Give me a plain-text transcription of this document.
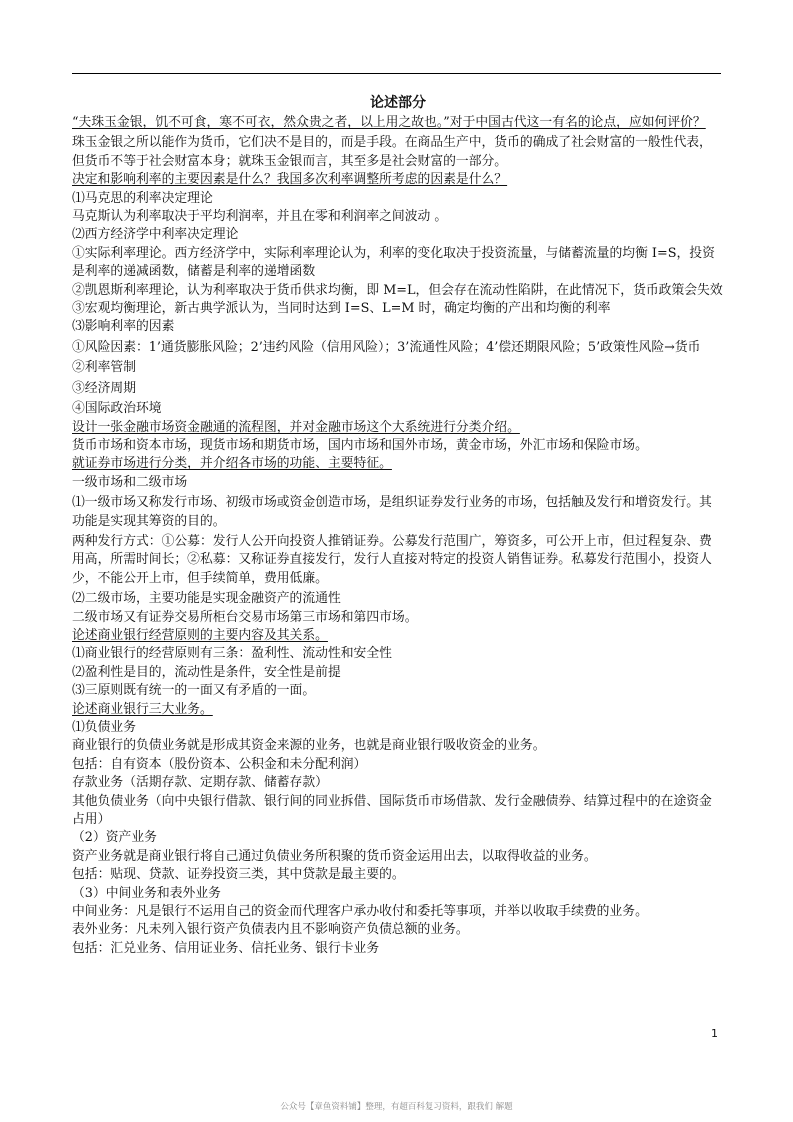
论述部分

“夫珠玉金银，饥不可食，寒不可衣，然众贵之者，以上用之故也。”对于中国古代这一有名的论点，应如何评价？

珠玉金银之所以能作为货币，它们决不是目的，而是手段。在商品生产中，货币的确成了社会财富的一般性代表，但货币不等于社会财富本身；就珠玉金银而言，其至多是社会财富的一部分。

决定和影响利率的主要因素是什么？我国多次利率调整所考虑的因素是什么？

⑴马克思的利率决定理论

马克斯认为利率取决于平均利润率，并且在零和利润率之间波动 。

⑵西方经济学中利率决定理论

①实际利率理论。西方经济学中，实际利率理论认为，利率的变化取决于投资流量，与储蓄流量的均衡 I=S，投资是利率的递减函数，储蓄是利率的递增函数

②凯恩斯利率理论，认为利率取决于货币供求均衡，即 M=L，但会存在流动性陷阱，在此情况下，货币政策会失效

③宏观均衡理论，新古典学派认为，当同时达到 I=S、L=M 时，确定均衡的产出和均衡的利率

⑶影响利率的因素

①风险因素：1’通货膨胀风险；2’违约风险（信用风险）；3’流通性风险；4’偿还期限风险；5’政策性风险→货币

②利率管制

③经济周期

④国际政治环境

设计一张金融市场资金融通的流程图，并对金融市场这个大系统进行分类介绍。

货币市场和资本市场，现货市场和期货市场，国内市场和国外市场，黄金市场，外汇市场和保险市场。

就证券市场进行分类，并介绍各市场的功能、主要特征。

一级市场和二级市场

⑴一级市场又称发行市场、初级市场或资金创造市场，是组织证券发行业务的市场，包括触及发行和增资发行。其功能是实现其筹资的目的。

两种发行方式：①公募：发行人公开向投资人推销证券。公募发行范围广，筹资多，可公开上市，但过程复杂、费用高，所需时间长；②私募：又称证券直接发行，发行人直接对特定的投资人销售证券。私募发行范围小，投资人少，不能公开上市，但手续简单，费用低廉。

⑵二级市场，主要功能是实现金融资产的流通性

二级市场又有证券交易所柜台交易市场第三市场和第四市场。

论述商业银行经营原则的主要内容及其关系。

⑴商业银行的经营原则有三条：盈利性、流动性和安全性

⑵盈利性是目的，流动性是条件，安全性是前提

⑶三原则既有统一的一面又有矛盾的一面。

论述商业银行三大业务。

⑴负债业务

商业银行的负债业务就是形成其资金来源的业务，也就是商业银行吸收资金的业务。

包括：自有资本（股份资本、公积金和未分配利润）

存款业务（活期存款、定期存款、储蓄存款）

其他负债业务（向中央银行借款、银行间的同业拆借、国际货币市场借款、发行金融债券、结算过程中的在途资金占用）

（2）资产业务

资产业务就是商业银行将自己通过负债业务所积聚的货币资金运用出去，以取得收益的业务。

包括：贴现、贷款、证券投资三类，其中贷款是最主要的。

（3）中间业务和表外业务

中间业务：凡是银行不运用自己的资金而代理客户承办收付和委托等事项，并举以收取手续费的业务。

表外业务：凡未列入银行资产负债表内且不影响资产负债总额的业务。

包括：汇兑业务、信用证业务、信托业务、银行卡业务

1
公众号【章鱼资料铺】整理，有超百科复习资料，跟我们 解题
